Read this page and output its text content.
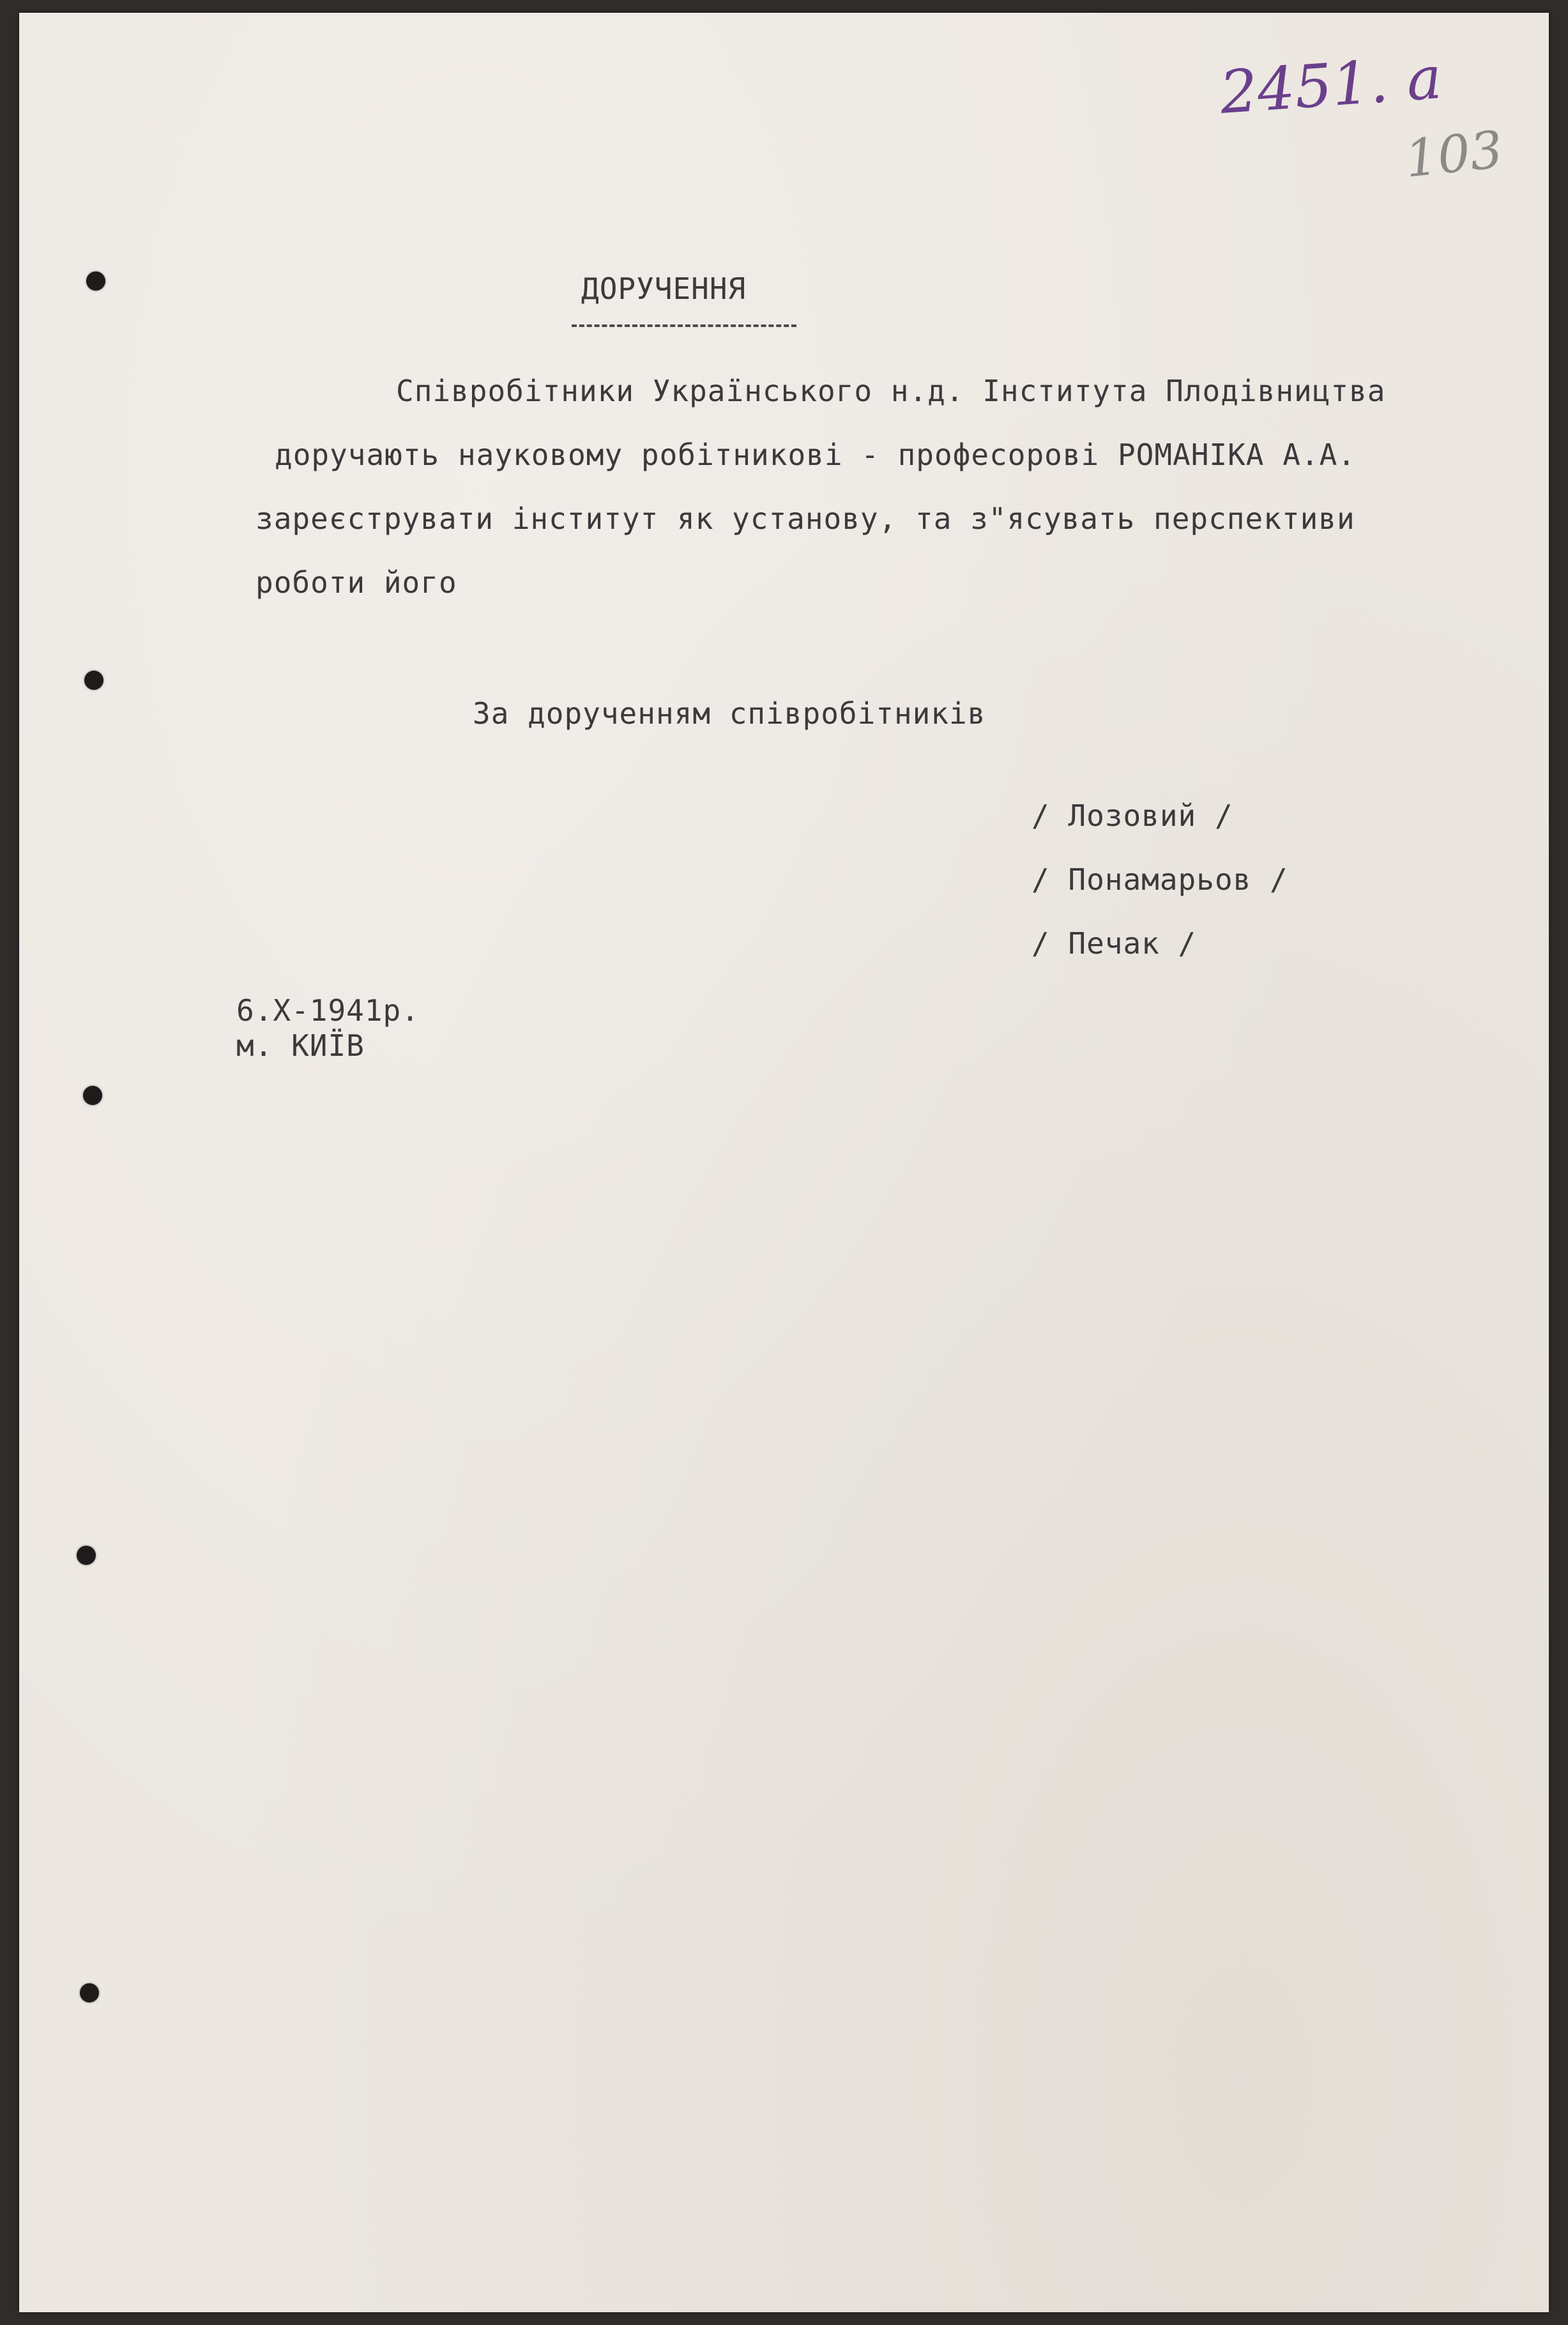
2451. а
103
ДОРУЧЕННЯ
Співробітники Українського н.д. Інститута Плодівництва
доручають науковому робітникові - професорові РОМАНІКА А.А.
зареєструвати інститут як установу, та з"ясувать перспективи
роботи його
За дорученням співробітників
/ Лозовий /
/ Понамарьов /
/ Печак /
6.X-1941р.
м. КИЇВ
